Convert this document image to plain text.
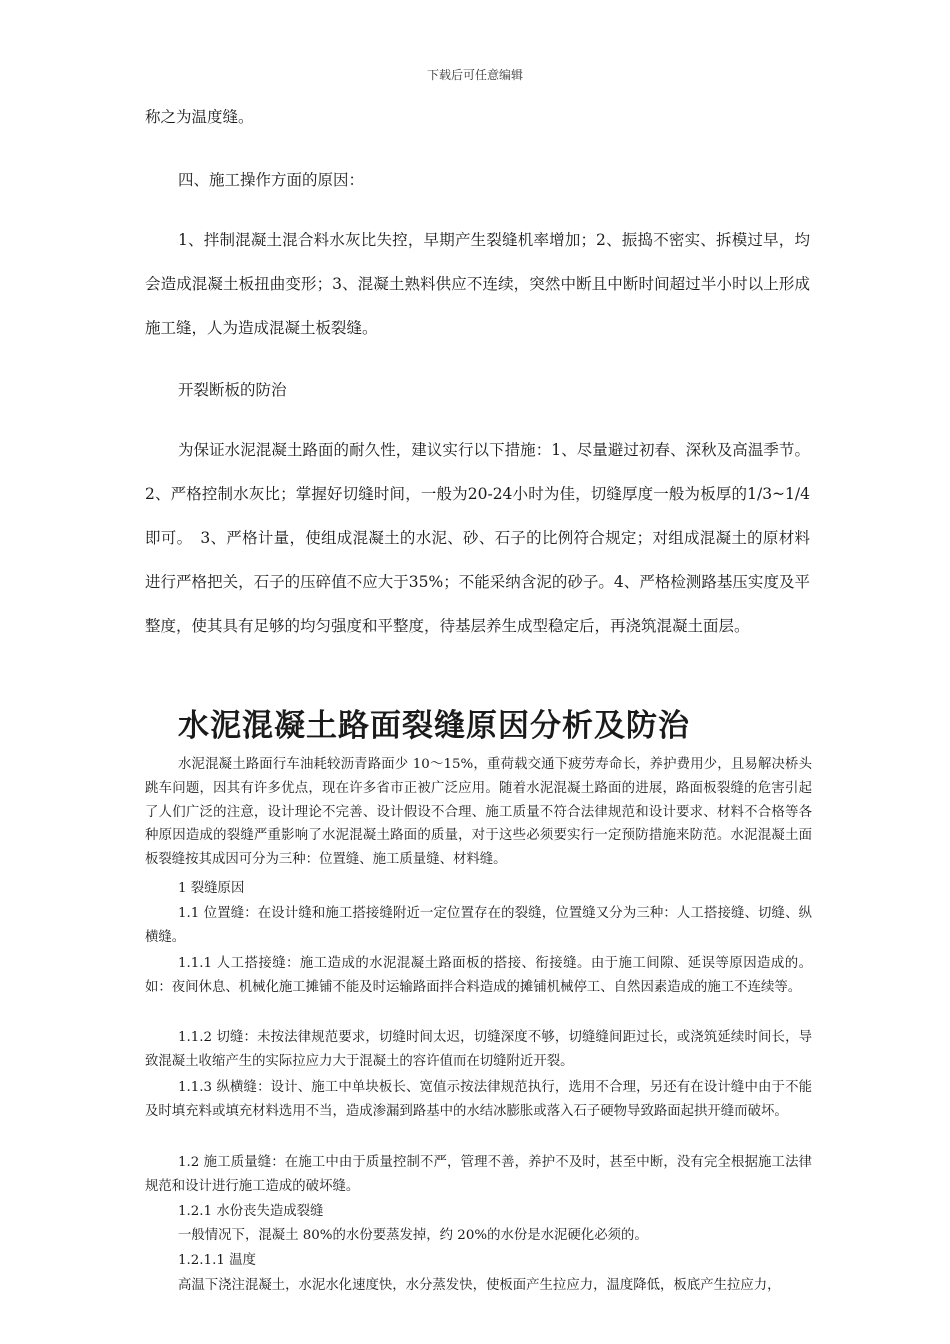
下载后可任意编辑

称之为温度缝。

四、施工操作方面的原因：

1、拌制混凝土混合料水灰比失控，早期产生裂缝机率增加；2、振捣不密实、拆模过早，均会造成混凝土板扭曲变形；3、混凝土熟料供应不连续，突然中断且中断时间超过半小时以上形成施工缝，人为造成混凝土板裂缝。

开裂断板的防治

为保证水泥混凝土路面的耐久性，建议实行以下措施：1、尽量避过初春、深秋及高温季节。2、严格控制水灰比；掌握好切缝时间，一般为20-24小时为佳，切缝厚度一般为板厚的1/3~1/4即可。　3、严格计量，使组成混凝土的水泥、砂、石子的比例符合规定；对组成混凝土的原材料进行严格把关，石子的压碎值不应大于35%；不能采纳含泥的砂子。4、严格检测路基压实度及平整度，使其具有足够的均匀强度和平整度，待基层养生成型稳定后，再浇筑混凝土面层。

水泥混凝土路面裂缝原因分析及防治

水泥混凝土路面行车油耗较沥青路面少 10～15%，重荷载交通下疲劳寿命长，养护费用少，且易解决桥头跳车问题，因其有许多优点，现在许多省市正被广泛应用。随着水泥混凝土路面的进展，路面板裂缝的危害引起了人们广泛的注意，设计理论不完善、设计假设不合理、施工质量不符合法律规范和设计要求、材料不合格等各种原因造成的裂缝严重影响了水泥混凝土路面的质量，对于这些必须要实行一定预防措施来防范。水泥混凝土面板裂缝按其成因可分为三种：位置缝、施工质量缝、材料缝。

1 裂缝原因

1.1 位置缝：在设计缝和施工搭接缝附近一定位置存在的裂缝，位置缝又分为三种：人工搭接缝、切缝、纵横缝。

1.1.1 人工搭接缝：施工造成的水泥混凝土路面板的搭接、衔接缝。由于施工间隙、延误等原因造成的。如：夜间休息、机械化施工摊铺不能及时运输路面拌合料造成的摊铺机械停工、自然因素造成的施工不连续等。

1.1.2 切缝：未按法律规范要求，切缝时间太迟，切缝深度不够，切缝缝间距过长，或浇筑延续时间长，导致混凝土收缩产生的实际拉应力大于混凝土的容许值而在切缝附近开裂。

1.1.3 纵横缝：设计、施工中单块板长、宽值示按法律规范执行，选用不合理，另还有在设计缝中由于不能及时填充料或填充材料选用不当，造成渗漏到路基中的水结冰膨胀或落入石子硬物导致路面起拱开缝而破坏。

1.2 施工质量缝：在施工中由于质量控制不严，管理不善，养护不及时，甚至中断，没有完全根据施工法律规范和设计进行施工造成的破坏缝。

1.2.1 水份丧失造成裂缝

一般情况下，混凝土 80%的水份要蒸发掉，约 20%的水份是水泥硬化必须的。

1.2.1.1 温度

高温下浇注混凝土，水泥水化速度快，水分蒸发快，使板面产生拉应力，温度降低，板底产生拉应力，
